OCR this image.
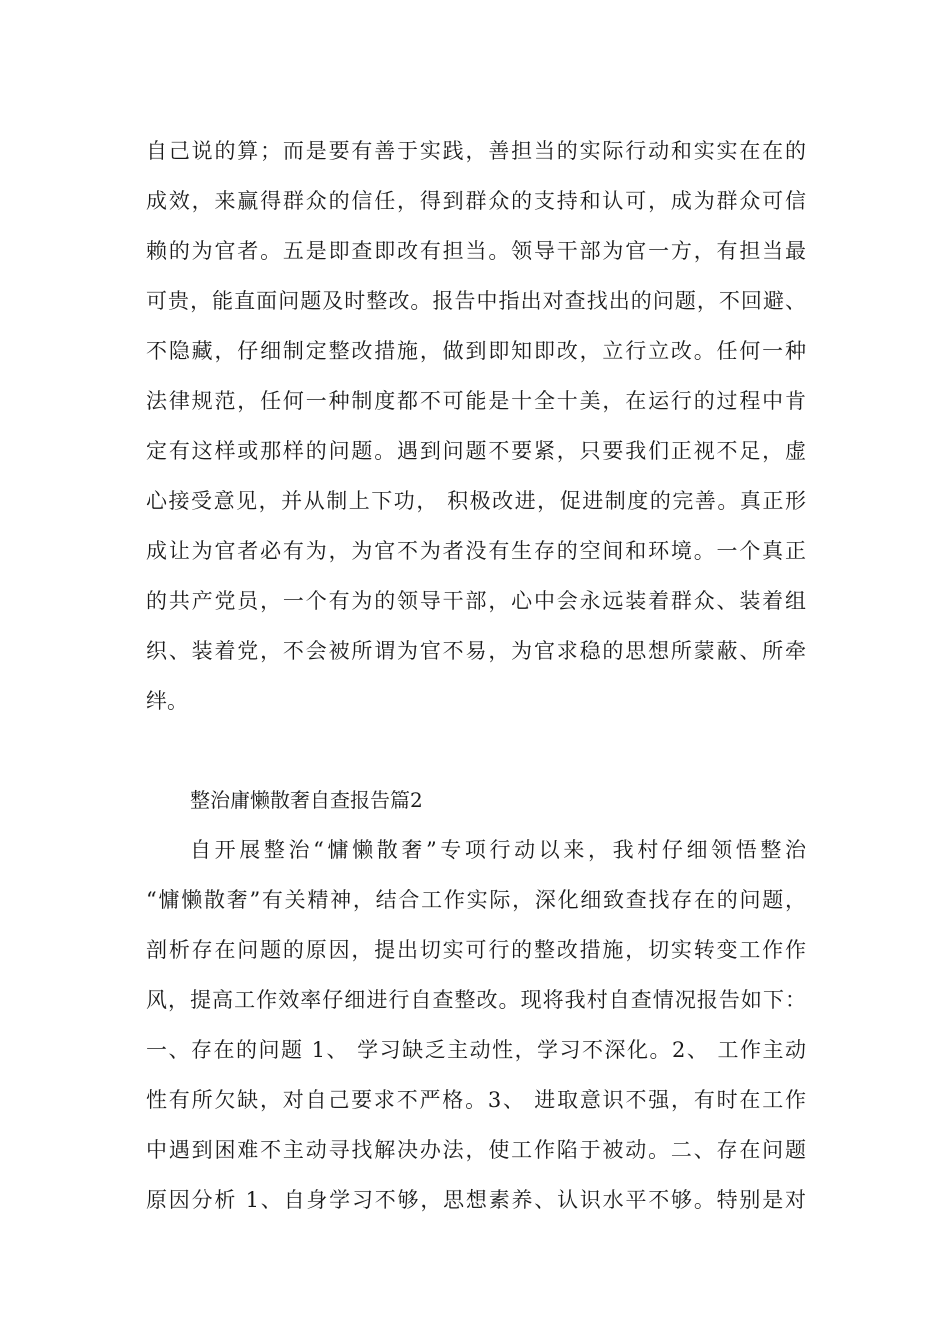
自己说的算；而是要有善于实践，善担当的实际行动和实实在在的
成效，来赢得群众的信任，得到群众的支持和认可，成为群众可信
赖的为官者。五是即查即改有担当。领导干部为官一方，有担当最
可贵，能直面问题及时整改。报告中指出对查找出的问题，不回避、
不隐藏，仔细制定整改措施，做到即知即改，立行立改。任何一种
法律规范，任何一种制度都不可能是十全十美，在运行的过程中肯
定有这样或那样的问题。遇到问题不要紧，只要我们正视不足，虚
心接受意见，并从制上下功， 积极改进，促进制度的完善。真正形
成让为官者必有为，为官不为者没有生存的空间和环境。一个真正
的共产党员，一个有为的领导干部，心中会永远装着群众、装着组
织、装着党，不会被所谓为官不易，为官求稳的思想所蒙蔽、所牵
绊。
整治庸懒散奢自查报告篇2
自开展整治“慵懒散奢”专项行动以来，我村仔细领悟整治
“慵懒散奢”有关精神，结合工作实际，深化细致查找存在的问题，
剖析存在问题的原因，提出切实可行的整改措施，切实转变工作作
风，提高工作效率仔细进行自查整改。现将我村自查情况报告如下：
一、存在的问题 1、 学习缺乏主动性，学习不深化。2、 工作主动
性有所欠缺，对自己要求不严格。3、 进取意识不强，有时在工作
中遇到困难不主动寻找解决办法，使工作陷于被动。二、存在问题
原因分析 1、自身学习不够，思想素养、认识水平不够。特别是对
